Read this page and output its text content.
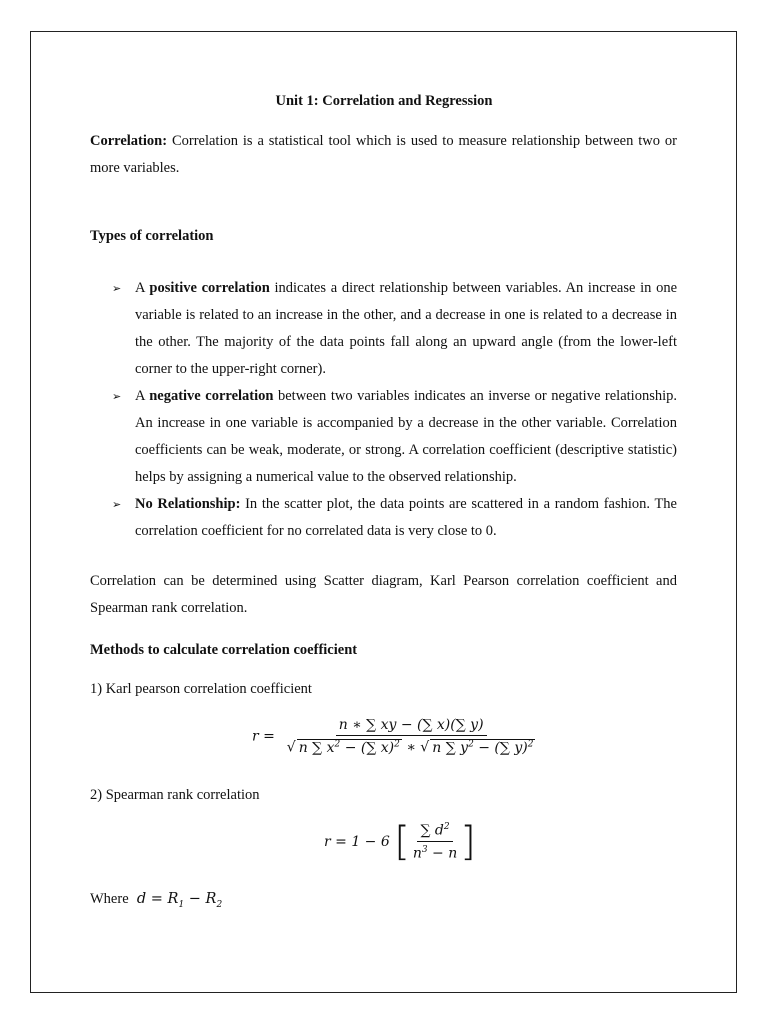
Unit 1: Correlation and Regression
Correlation: Correlation is a statistical tool which is used to measure relationship between two or more variables.
Types of correlation
➢ A positive correlation indicates a direct relationship between variables. An increase in one variable is related to an increase in the other, and a decrease in one is related to a decrease in the other. The majority of the data points fall along an upward angle (from the lower-left corner to the upper-right corner).
➢ A negative correlation between two variables indicates an inverse or negative relationship. An increase in one variable is accompanied by a decrease in the other variable. Correlation coefficients can be weak, moderate, or strong. A correlation coefficient (descriptive statistic) helps by assigning a numerical value to the observed relationship.
➢ No Relationship: In the scatter plot, the data points are scattered in a random fashion. The correlation coefficient for no correlated data is very close to 0.
Correlation can be determined using Scatter diagram, Karl Pearson correlation coefficient and Spearman rank correlation.
Methods to calculate correlation coefficient
1) Karl pearson correlation coefficient
$r = \frac{n ∗ \sum xy - (\sum x)(\sum y)}{√ n \sum x^2 - (\sum x)^2 ∗ √ n \sum y^2 - (\sum y)^2}$
2) Spearman rank correlation
r = 1 − 6 [ $\frac{\sum d^2}{n^3 - n}$ ]
Where  $d = R_1 - R_2$
